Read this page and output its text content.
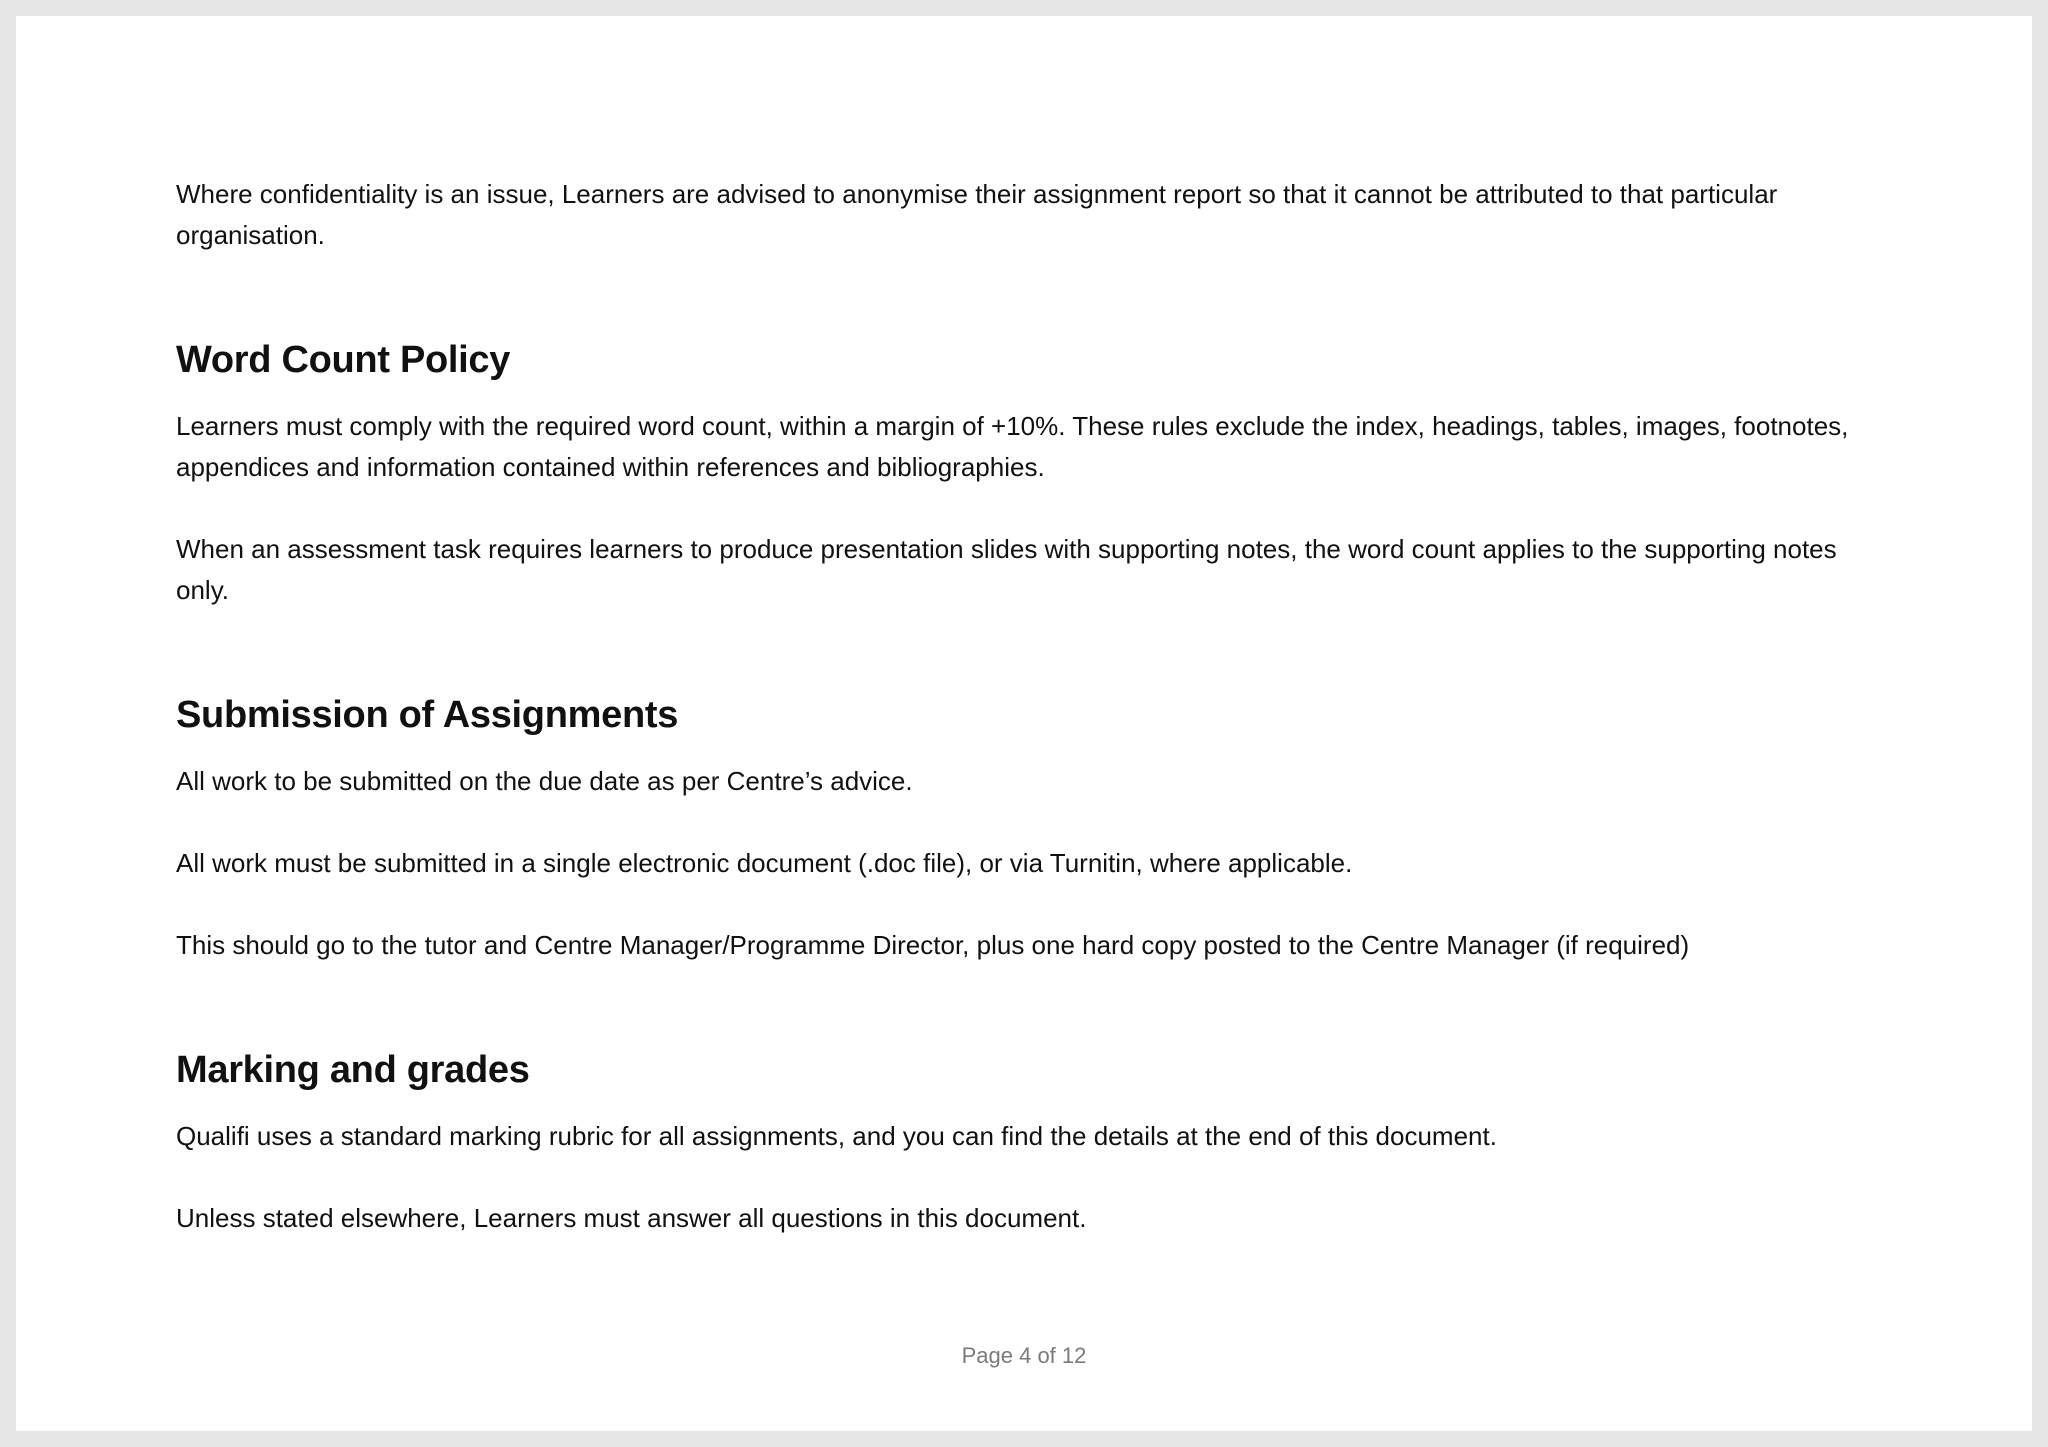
Where confidentiality is an issue, Learners are advised to anonymise their assignment report so that it cannot be attributed to that particular organisation.

Word Count Policy

Learners must comply with the required word count, within a margin of +10%. These rules exclude the index, headings, tables, images, footnotes, appendices and information contained within references and bibliographies.

When an assessment task requires learners to produce presentation slides with supporting notes, the word count applies to the supporting notes only.

Submission of Assignments

All work to be submitted on the due date as per Centre’s advice.

All work must be submitted in a single electronic document (.doc file), or via Turnitin, where applicable.

This should go to the tutor and Centre Manager/Programme Director, plus one hard copy posted to the Centre Manager (if required)

Marking and grades

Qualifi uses a standard marking rubric for all assignments, and you can find the details at the end of this document.

Unless stated elsewhere, Learners must answer all questions in this document.

Page 4 of 12
